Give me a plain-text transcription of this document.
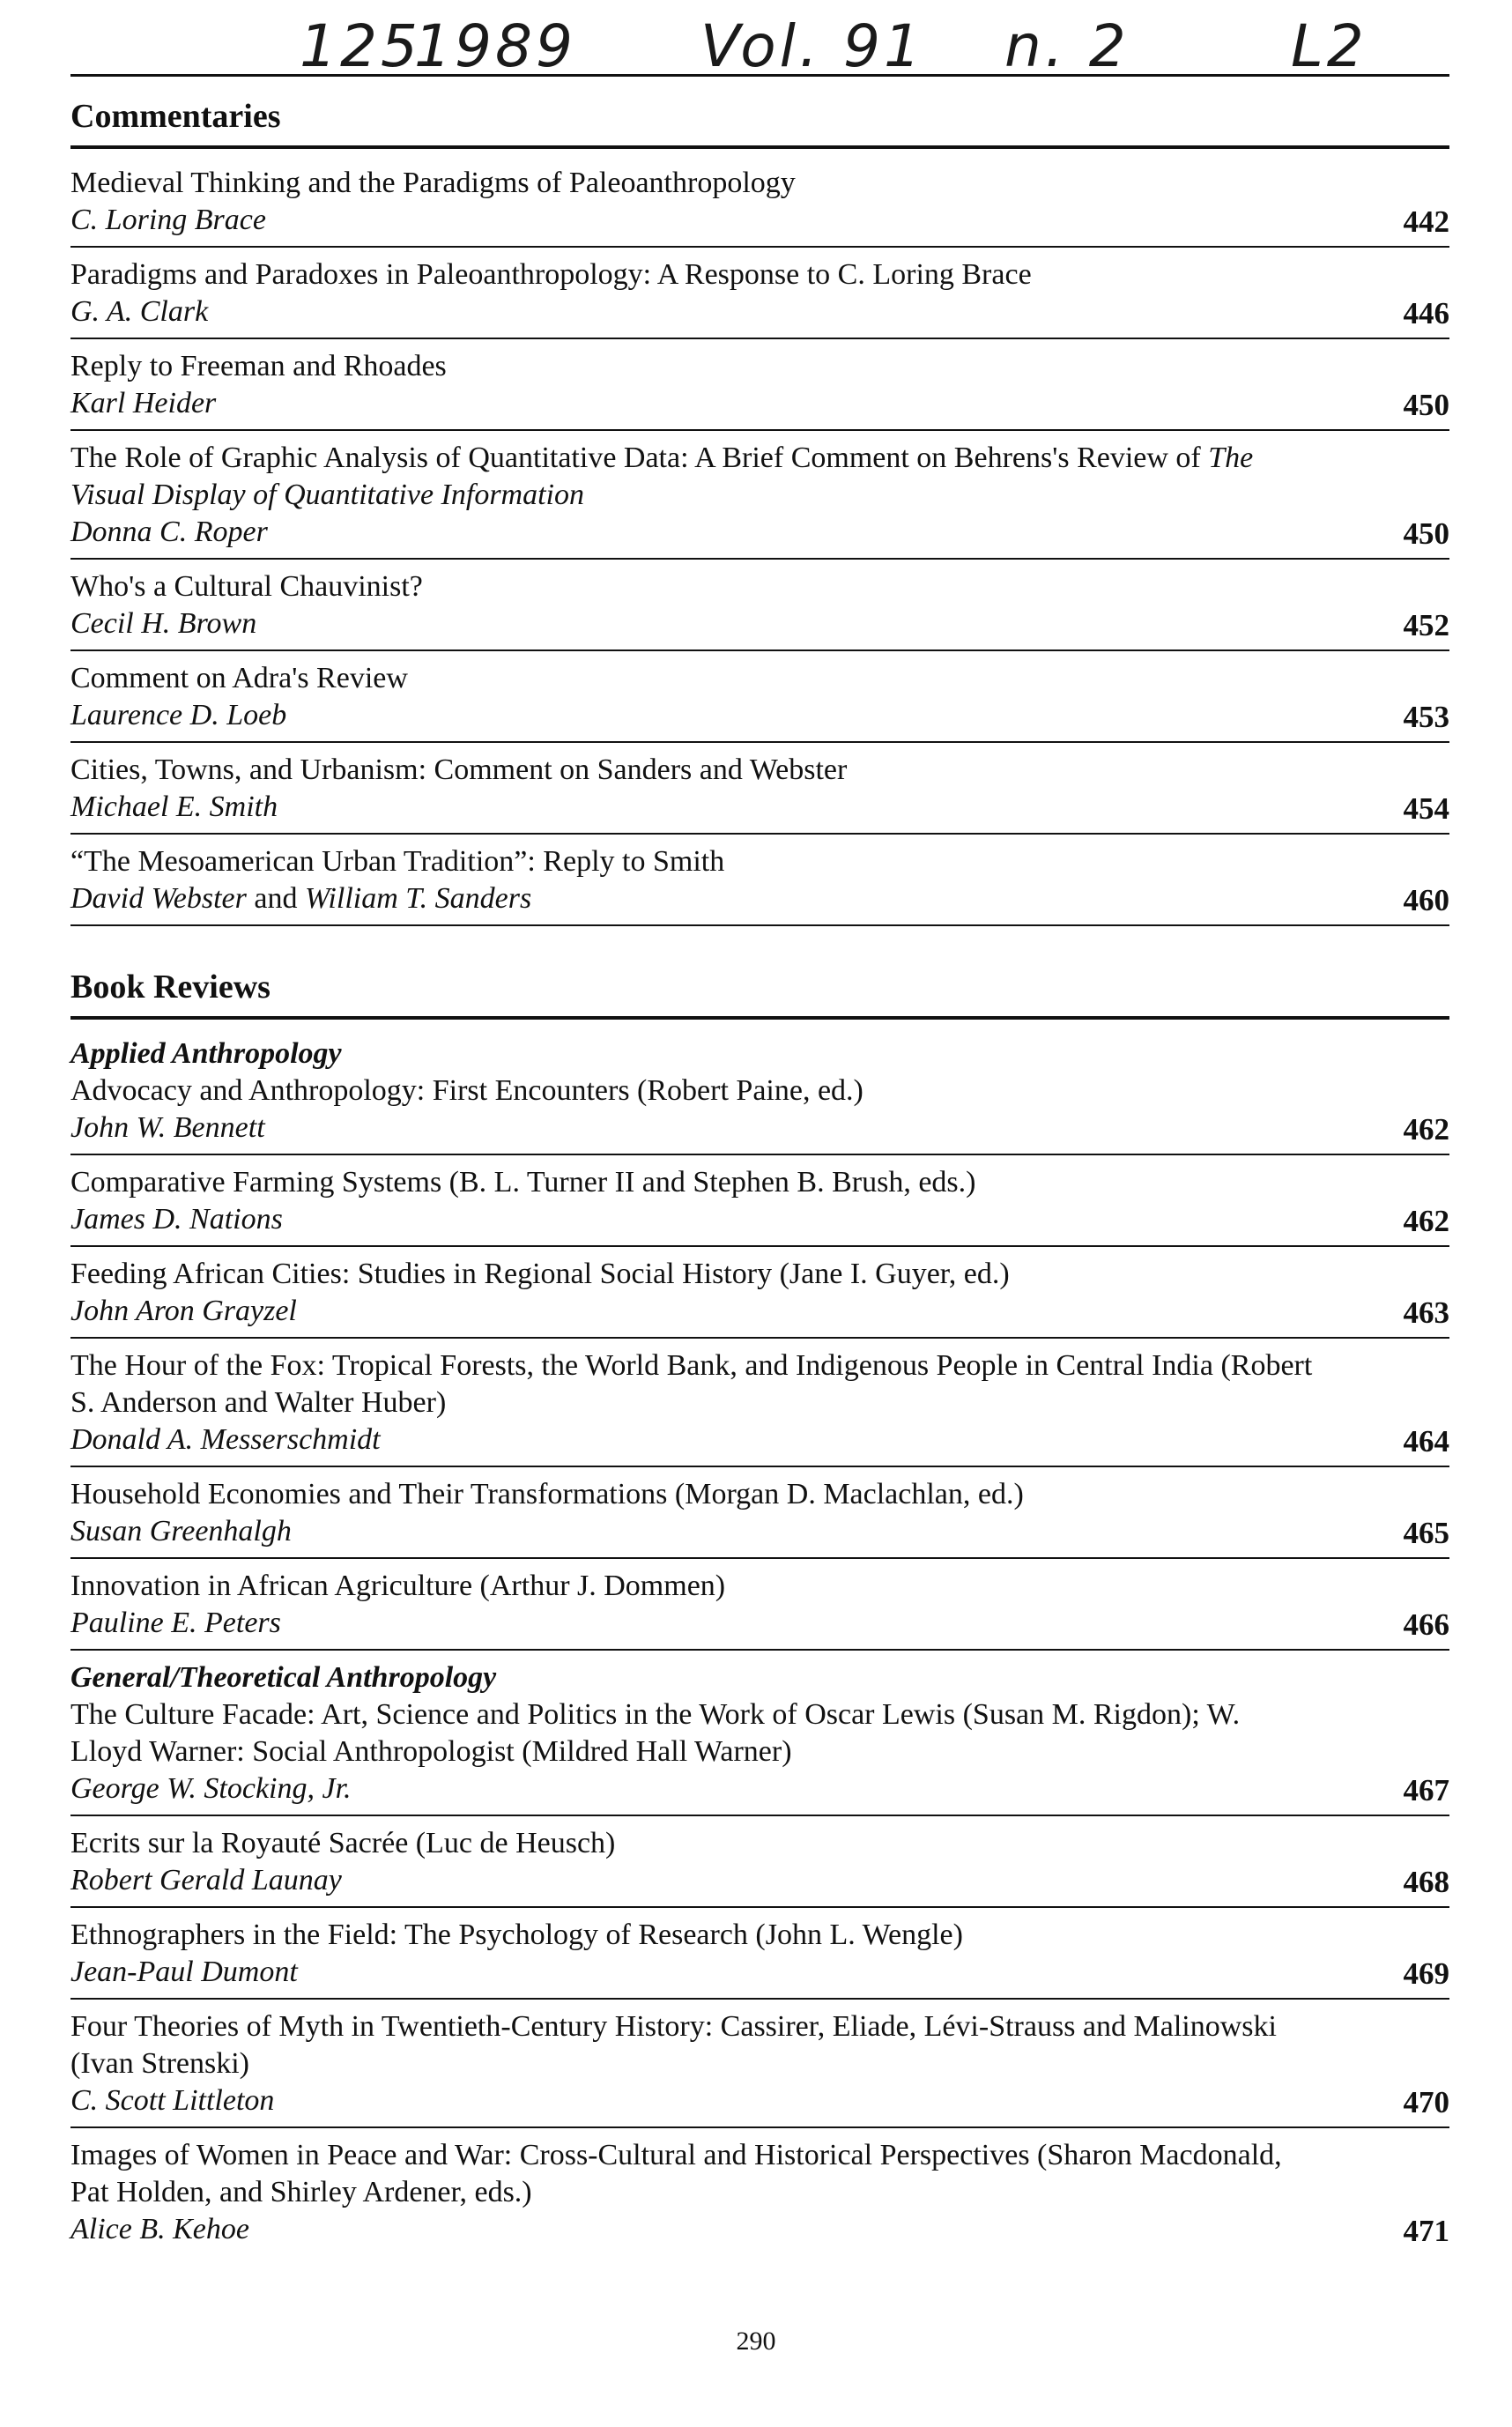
125
1989 Vol. 91 n. 2	L2
Commentaries
Medieval Thinking and the Paradigms of Paleoanthropology
C. Loring Brace	442
Paradigms and Paradoxes in Paleoanthropology: A Response to C. Loring Brace
G. A. Clark	446
Reply to Freeman and Rhoades
Karl Heider	450
The Role of Graphic Analysis of Quantitative Data: A Brief Comment on Behrens's Review of The Visual Display of Quantitative Information
Donna C. Roper	450
Who's a Cultural Chauvinist?
Cecil H. Brown	452
Comment on Adra's Review
Laurence D. Loeb	453
Cities, Towns, and Urbanism: Comment on Sanders and Webster
Michael E. Smith	454
“The Mesoamerican Urban Tradition”: Reply to Smith
David Webster and William T. Sanders	460
Book Reviews
Applied Anthropology
Advocacy and Anthropology: First Encounters (Robert Paine, ed.)
John W. Bennett	462
Comparative Farming Systems (B. L. Turner II and Stephen B. Brush, eds.)
James D. Nations	462
Feeding African Cities: Studies in Regional Social History (Jane I. Guyer, ed.)
John Aron Grayzel	463
The Hour of the Fox: Tropical Forests, the World Bank, and Indigenous People in Central India (Robert S. Anderson and Walter Huber)
Donald A. Messerschmidt	464
Household Economies and Their Transformations (Morgan D. Maclachlan, ed.)
Susan Greenhalgh	465
Innovation in African Agriculture (Arthur J. Dommen)
Pauline E. Peters	466
General/Theoretical Anthropology
The Culture Facade: Art, Science and Politics in the Work of Oscar Lewis (Susan M. Rigdon); W. Lloyd Warner: Social Anthropologist (Mildred Hall Warner)
George W. Stocking, Jr.	467
Ecrits sur la Royauté Sacrée (Luc de Heusch)
Robert Gerald Launay	468
Ethnographers in the Field: The Psychology of Research (John L. Wengle)
Jean-Paul Dumont	469
Four Theories of Myth in Twentieth-Century History: Cassirer, Eliade, Lévi-Strauss and Malinowski (Ivan Strenski)
C. Scott Littleton	470
Images of Women in Peace and War: Cross-Cultural and Historical Perspectives (Sharon Macdonald, Pat Holden, and Shirley Ardener, eds.)
Alice B. Kehoe	471
290
